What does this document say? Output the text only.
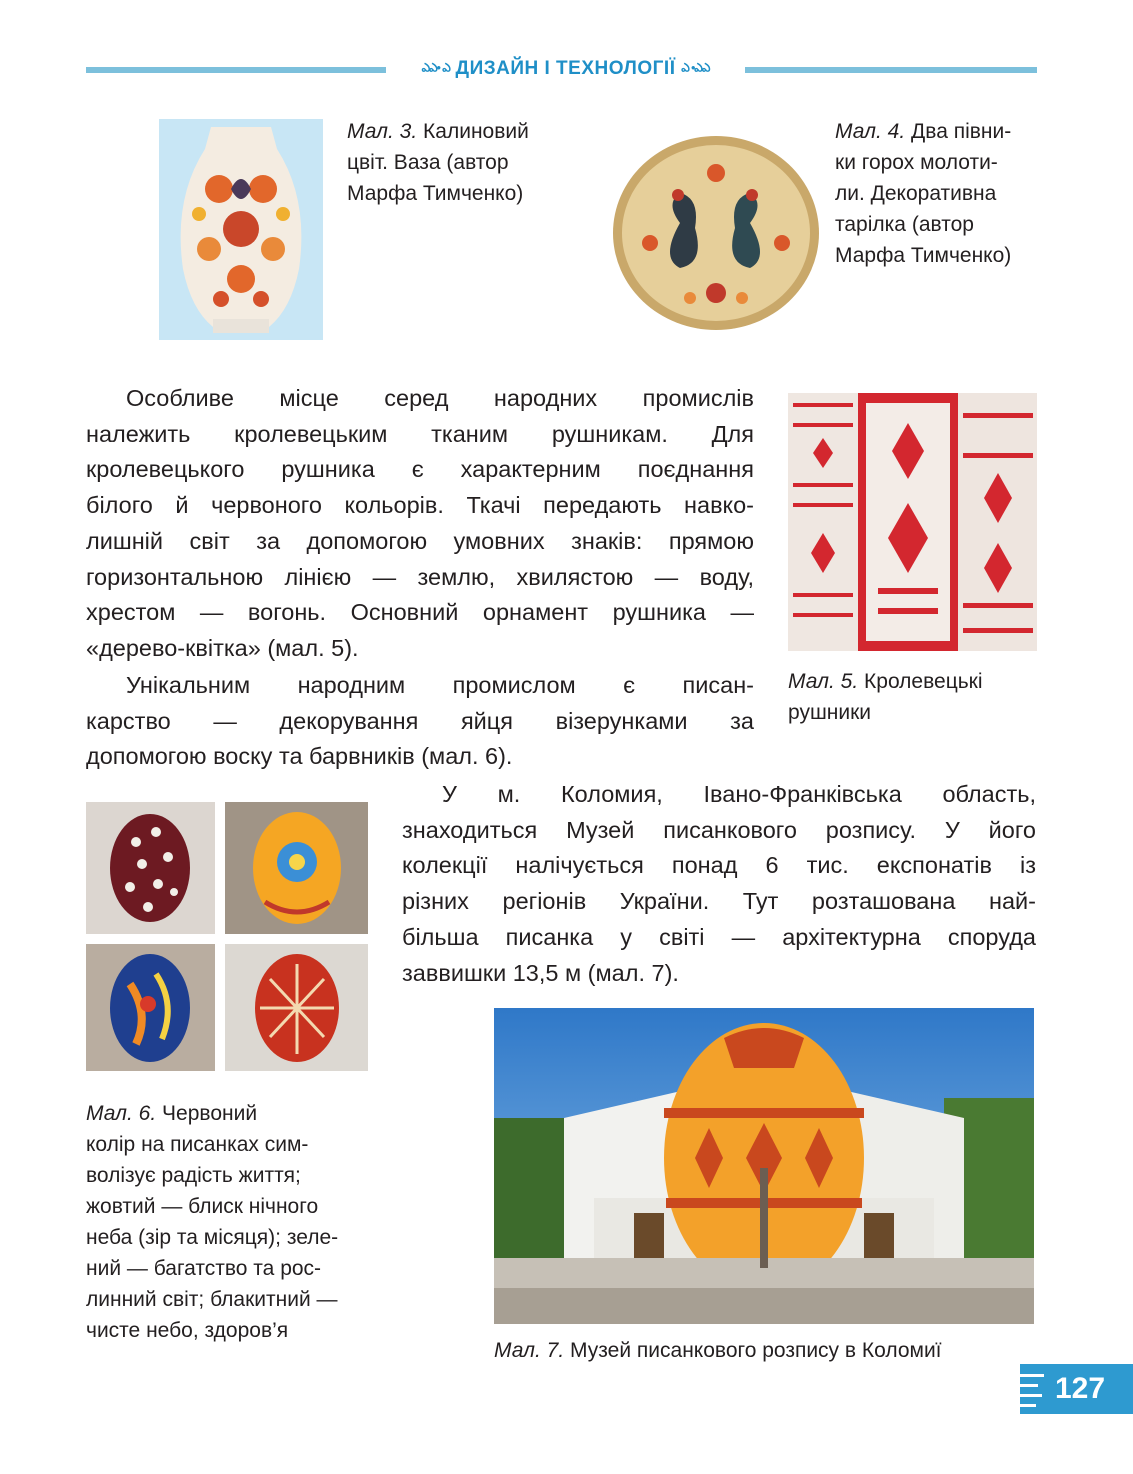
ఎఎ• ఎ ДИЗАЙН І ТЕХНОЛОГІЇ ఎ •ఎఎ

Мал. 3. Калиновий

цвіт. Ваза (автор

Марфа Тимченко)

Мал. 4. Два півни-

ки горох молоти-

ли. Декоративна

тарілка (автор

Марфа Тимченко)

Особливе місце серед народних промислів
належить кролевецьким тканим рушникам. Для
кролевецького рушника є характерним поєднання
білого й червоного кольорів. Ткачі передають навко-
лишній світ за допомогою умовних знаків: прямою
горизонтальною лінією — землю, хвилястою — воду,
хрестом — вогонь. Основний орнамент рушника —
«дерево-квітка» (мал. 5).
Унікальним народним промислом є писан-
карство — декорування яйця візерунками за
допомогою воску та барвників (мал. 6).

Мал. 5. Кролевецькі

рушники

Мал. 6. Червоний

колір на писанках сим-

волізує радість життя;

жовтий — блиск нічного

неба (зір та місяця); зеле-

ний — багатство та рос-

линний світ; блакитний —

чисте небо, здоров’я

У м. Коломия, Івано-Франківська область,
знаходиться Музей писанкового розпису. У його
колекції налічується понад 6 тис. експонатів із
різних регіонів України. Тут розташована най-
більша писанка у світі — архітектурна споруда
заввишки 13,5 м (мал. 7).

Мал. 7. Музей писанкового розпису в Коломиї

127
